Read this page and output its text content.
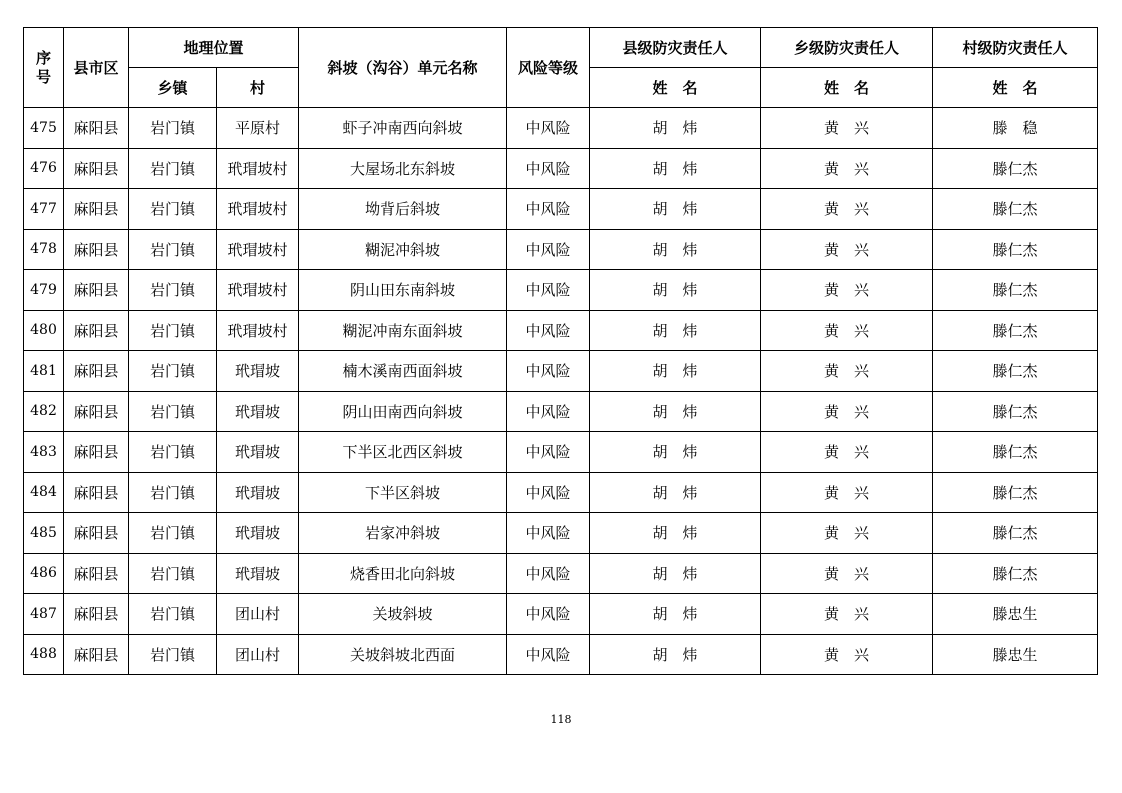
序
号	县市区	地理位置		斜坡（沟谷）单元名称	风险等级	县级防灾责任人	乡级防灾责任人	村级防灾责任人
		乡镇	村			姓　名	姓　名	姓　名
475	麻阳县	岩门镇	平原村	虾子冲南西向斜坡	中风险	胡　炜	黄　兴	滕　稳
476	麻阳县	岩门镇	玳瑁坡村	大屋场北东斜坡	中风险	胡　炜	黄　兴	滕仁杰
477	麻阳县	岩门镇	玳瑁坡村	坳背后斜坡	中风险	胡　炜	黄　兴	滕仁杰
478	麻阳县	岩门镇	玳瑁坡村	糊泥冲斜坡	中风险	胡　炜	黄　兴	滕仁杰
479	麻阳县	岩门镇	玳瑁坡村	阴山田东南斜坡	中风险	胡　炜	黄　兴	滕仁杰
480	麻阳县	岩门镇	玳瑁坡村	糊泥冲南东面斜坡	中风险	胡　炜	黄　兴	滕仁杰
481	麻阳县	岩门镇	玳瑁坡	楠木溪南西面斜坡	中风险	胡　炜	黄　兴	滕仁杰
482	麻阳县	岩门镇	玳瑁坡	阴山田南西向斜坡	中风险	胡　炜	黄　兴	滕仁杰
483	麻阳县	岩门镇	玳瑁坡	下半区北西区斜坡	中风险	胡　炜	黄　兴	滕仁杰
484	麻阳县	岩门镇	玳瑁坡	下半区斜坡	中风险	胡　炜	黄　兴	滕仁杰
485	麻阳县	岩门镇	玳瑁坡	岩家冲斜坡	中风险	胡　炜	黄　兴	滕仁杰
486	麻阳县	岩门镇	玳瑁坡	烧香田北向斜坡	中风险	胡　炜	黄　兴	滕仁杰
487	麻阳县	岩门镇	团山村	关坡斜坡	中风险	胡　炜	黄　兴	滕忠生
488	麻阳县	岩门镇	团山村	关坡斜坡北西面	中风险	胡　炜	黄　兴	滕忠生
118
